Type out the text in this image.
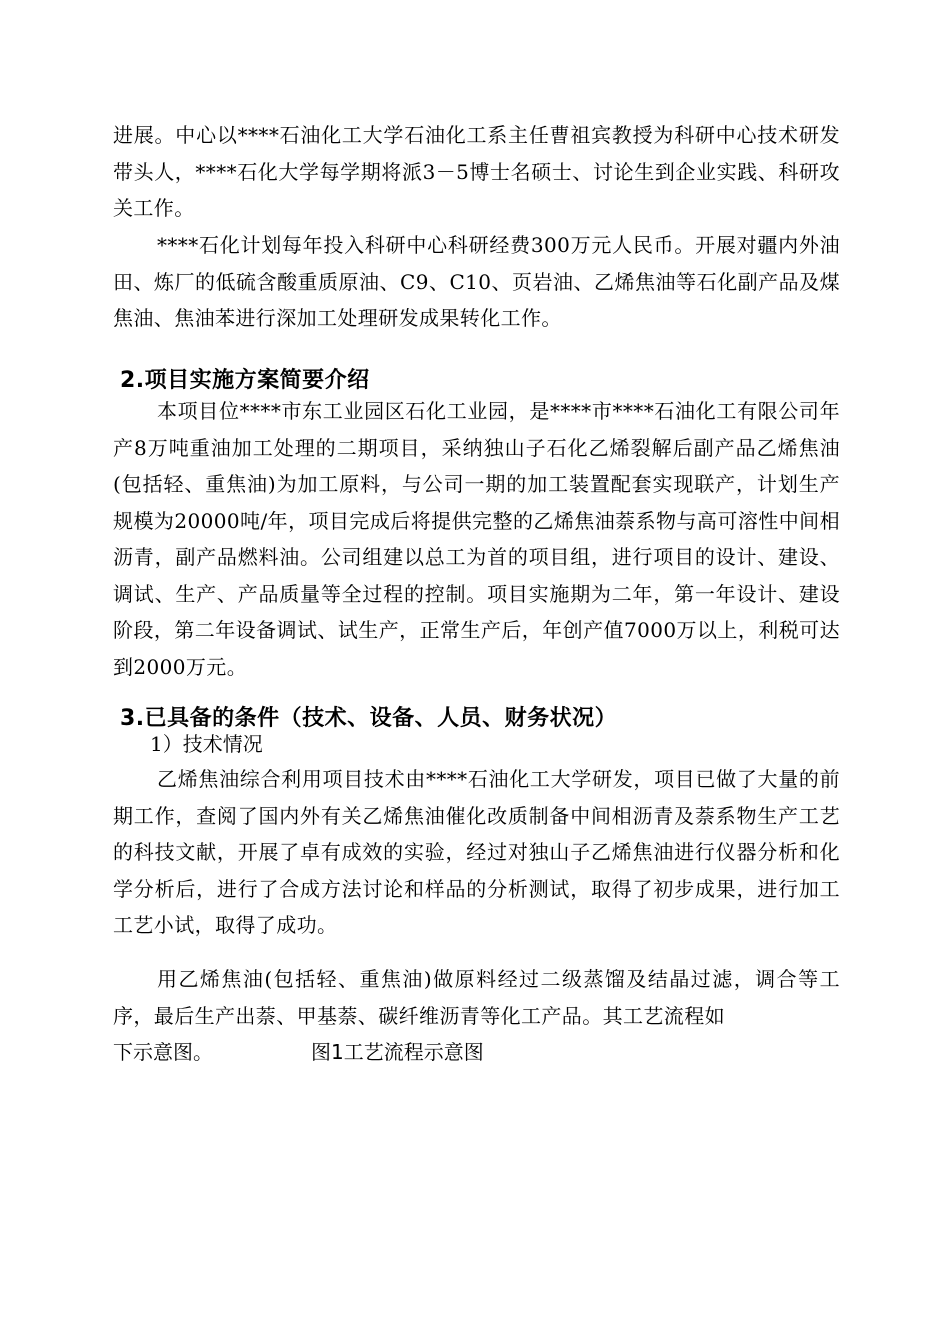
进展。中心以****石油化工大学石油化工系主任曹祖宾教授为科研中心技术研发带头人，****石化大学每学期将派3－5博士名硕士、讨论生到企业实践、科研攻关工作。

****石化计划每年投入科研中心科研经费300万元人民币。开展对疆内外油田、炼厂的低硫含酸重质原油、C9、C10、页岩油、乙烯焦油等石化副产品及煤焦油、焦油苯进行深加工处理研发成果转化工作。

2.项目实施方案简要介绍

本项目位****市东工业园区石化工业园，是****市****石油化工有限公司年产8万吨重油加工处理的二期项目，采纳独山子石化乙烯裂解后副产品乙烯焦油(包括轻、重焦油)为加工原料，与公司一期的加工装置配套实现联产，计划生产规模为20000吨/年，项目完成后将提供完整的乙烯焦油萘系物与高可溶性中间相沥青，副产品燃料油。公司组建以总工为首的项目组，进行项目的设计、建设、调试、生产、产品质量等全过程的控制。项目实施期为二年，第一年设计、建设阶段，第二年设备调试、试生产，正常生产后，年创产值7000万以上，利税可达到2000万元。

3.已具备的条件（技术、设备、人员、财务状况）
1）技术情况

乙烯焦油综合利用项目技术由****石油化工大学研发，项目已做了大量的前期工作，查阅了国内外有关乙烯焦油催化改质制备中间相沥青及萘系物生产工艺的科技文献，开展了卓有成效的实验，经过对独山子乙烯焦油进行仪器分析和化学分析后，进行了合成方法讨论和样品的分析测试，取得了初步成果，进行加工工艺小试，取得了成功。

用乙烯焦油(包括轻、重焦油)做原料经过二级蒸馏及结晶过滤，调合等工序，最后生产出萘、甲基萘、碳纤维沥青等化工产品。其工艺流程如

下示意图。	图1工艺流程示意图
